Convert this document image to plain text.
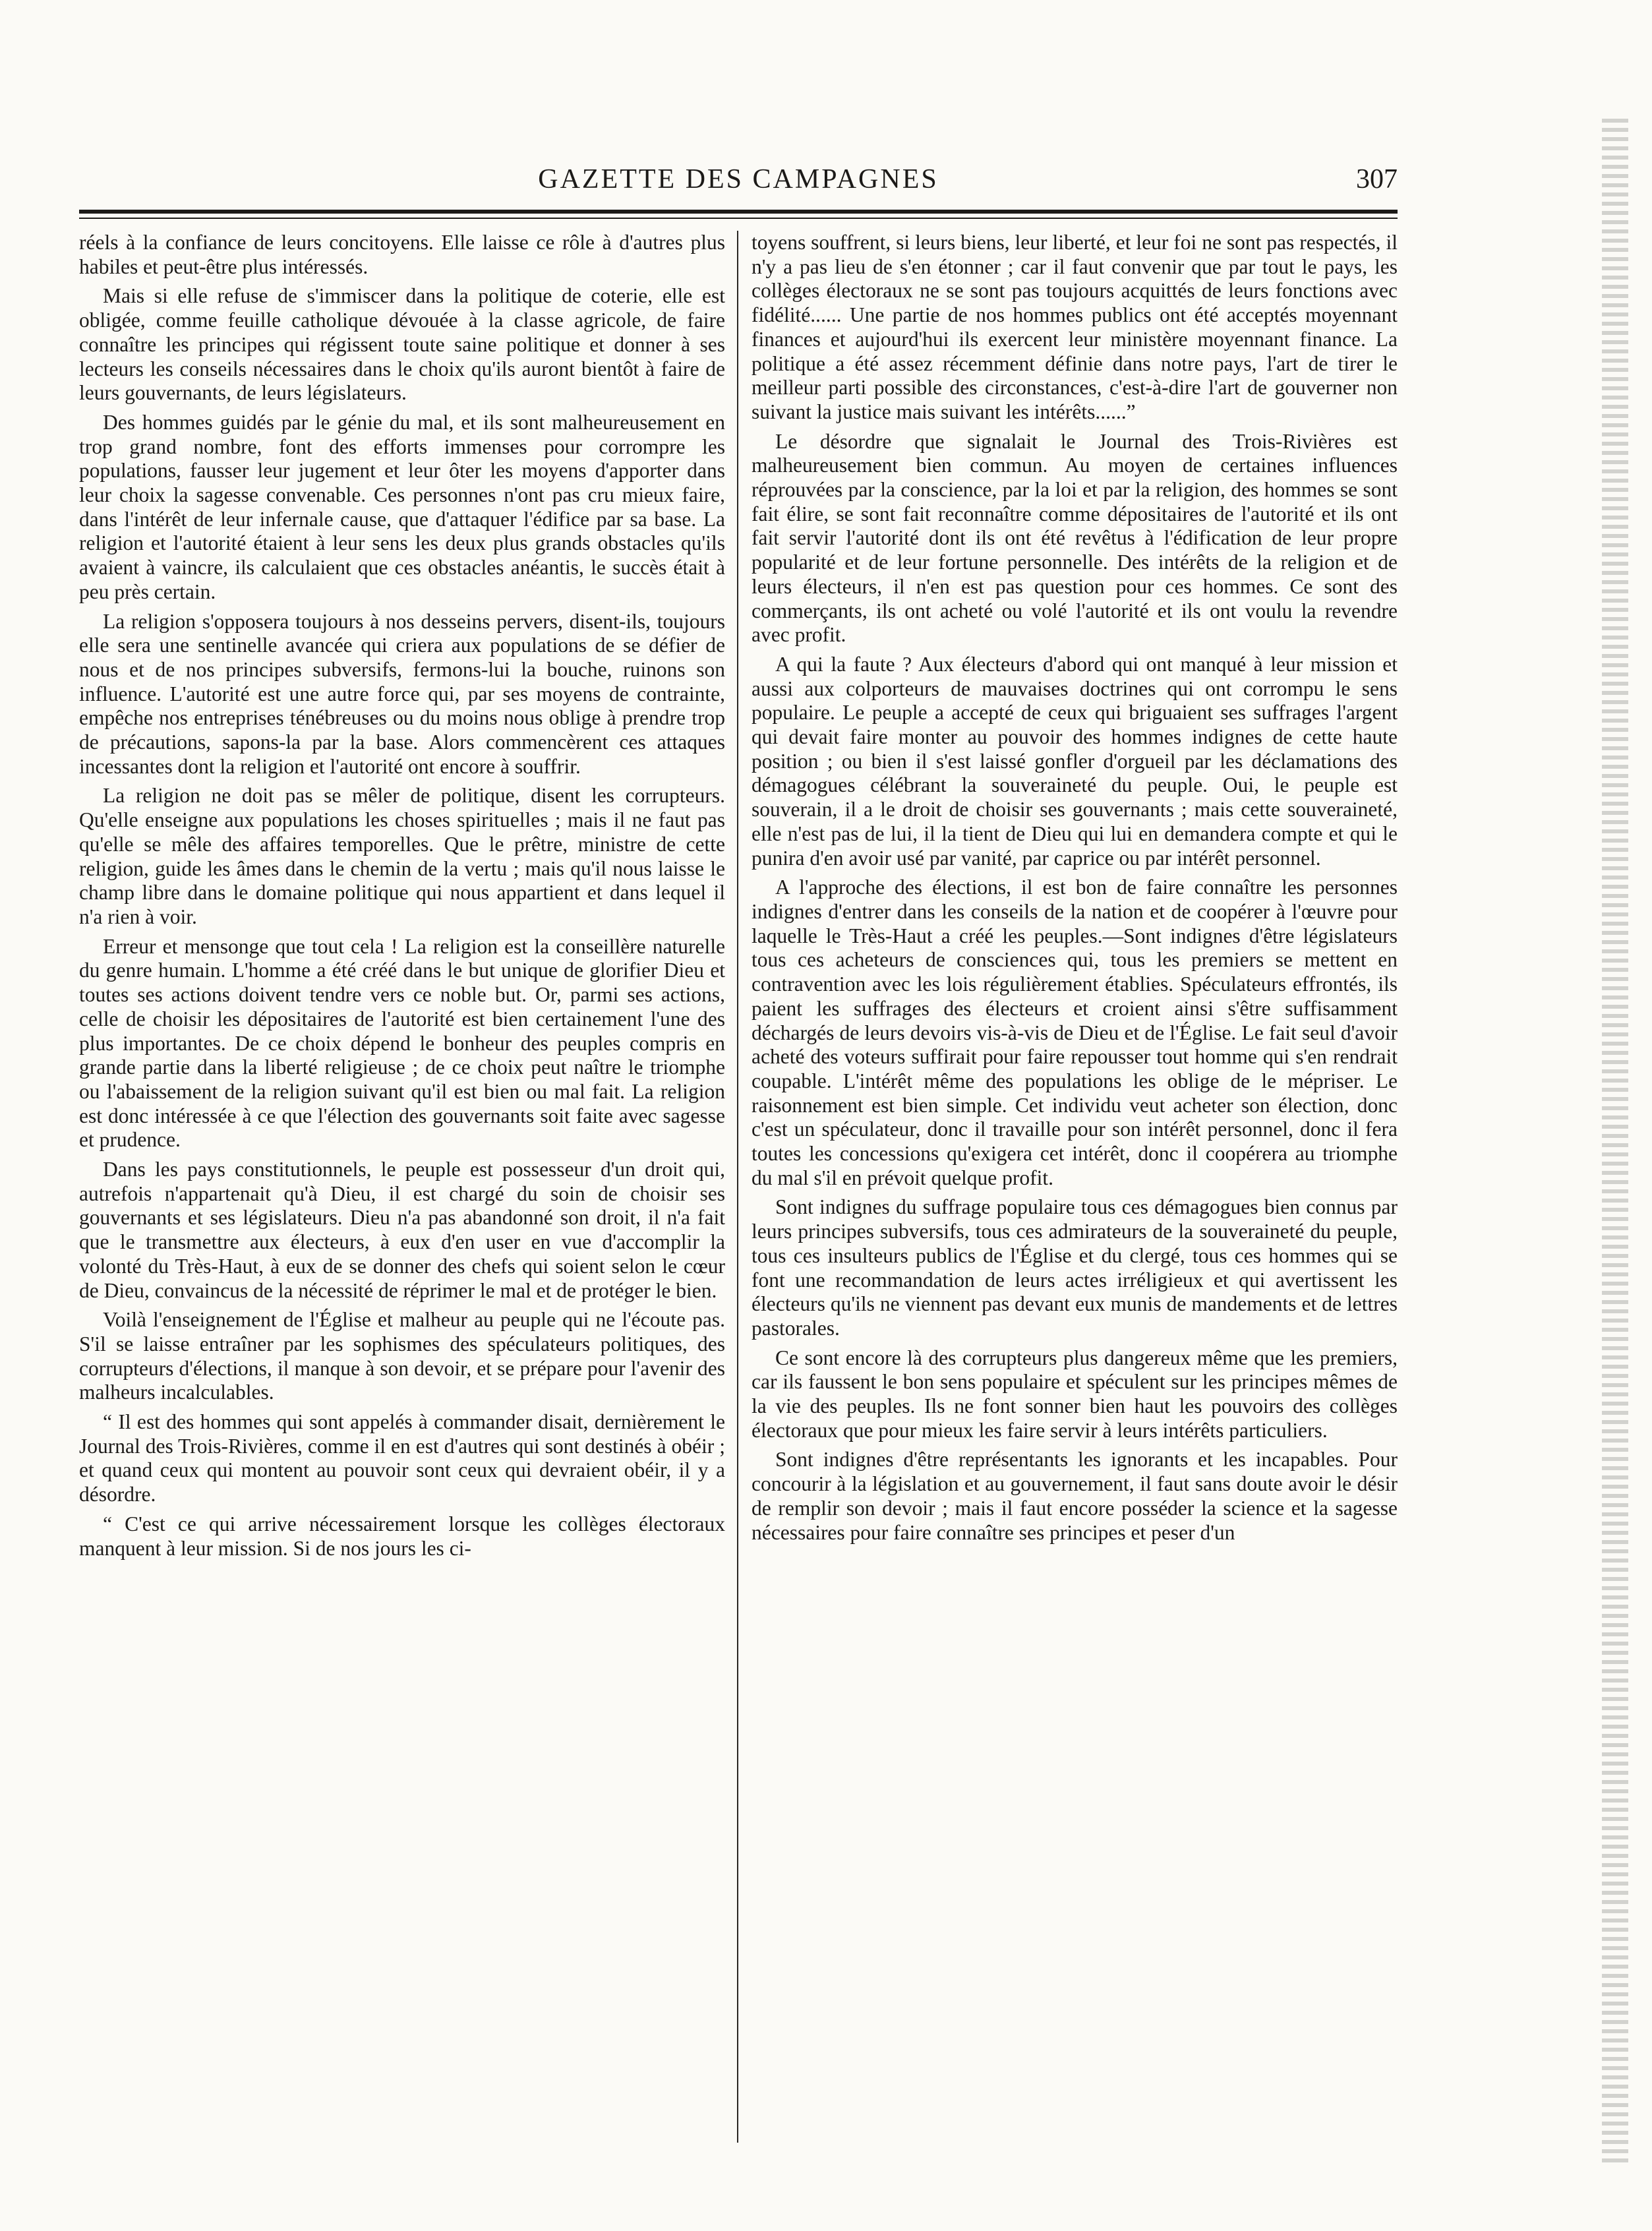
GAZETTE DES CAMPAGNES	307

réels à la confiance de leurs concitoyens. Elle laisse ce rôle à d'autres plus habiles et peut-être plus intéressés.

Mais si elle refuse de s'immiscer dans la politique de coterie, elle est obligée, comme feuille catholique dévouée à la classe agricole, de faire connaître les principes qui régissent toute saine politique et donner à ses lecteurs les conseils nécessaires dans le choix qu'ils auront bientôt à faire de leurs gouvernants, de leurs législateurs.

Des hommes guidés par le génie du mal, et ils sont malheureusement en trop grand nombre, font des efforts immenses pour corrompre les populations, fausser leur jugement et leur ôter les moyens d'apporter dans leur choix la sagesse convenable. Ces personnes n'ont pas cru mieux faire, dans l'intérêt de leur infernale cause, que d'attaquer l'édifice par sa base. La religion et l'autorité étaient à leur sens les deux plus grands obstacles qu'ils avaient à vaincre, ils calculaient que ces obstacles anéantis, le succès était à peu près certain.

La religion s'opposera toujours à nos desseins pervers, disent-ils, toujours elle sera une sentinelle avancée qui criera aux populations de se défier de nous et de nos principes subversifs, fermons-lui la bouche, ruinons son influence. L'autorité est une autre force qui, par ses moyens de contrainte, empêche nos entreprises ténébreuses ou du moins nous oblige à prendre trop de précautions, sapons-la par la base. Alors commencèrent ces attaques incessantes dont la religion et l'autorité ont encore à souffrir.

La religion ne doit pas se mêler de politique, disent les corrupteurs. Qu'elle enseigne aux populations les choses spirituelles ; mais il ne faut pas qu'elle se mêle des affaires temporelles. Que le prêtre, ministre de cette religion, guide les âmes dans le chemin de la vertu ; mais qu'il nous laisse le champ libre dans le domaine politique qui nous appartient et dans lequel il n'a rien à voir.

Erreur et mensonge que tout cela ! La religion est la conseillère naturelle du genre humain. L'homme a été créé dans le but unique de glorifier Dieu et toutes ses actions doivent tendre vers ce noble but. Or, parmi ses actions, celle de choisir les dépositaires de l'autorité est bien certainement l'une des plus importantes. De ce choix dépend le bonheur des peuples compris en grande partie dans la liberté religieuse ; de ce choix peut naître le triomphe ou l'abaissement de la religion suivant qu'il est bien ou mal fait. La religion est donc intéressée à ce que l'élection des gouvernants soit faite avec sagesse et prudence.

Dans les pays constitutionnels, le peuple est possesseur d'un droit qui, autrefois n'appartenait qu'à Dieu, il est chargé du soin de choisir ses gouvernants et ses législateurs. Dieu n'a pas abandonné son droit, il n'a fait que le transmettre aux électeurs, à eux d'en user en vue d'accomplir la volonté du Très-Haut, à eux de se donner des chefs qui soient selon le cœur de Dieu, convaincus de la nécessité de réprimer le mal et de protéger le bien.

Voilà l'enseignement de l'Église et malheur au peuple qui ne l'écoute pas. S'il se laisse entraîner par les sophismes des spéculateurs politiques, des corrupteurs d'élections, il manque à son devoir, et se prépare pour l'avenir des malheurs incalculables.

“ Il est des hommes qui sont appelés à commander disait, dernièrement le Journal des Trois-Rivières, comme il en est d'autres qui sont destinés à obéir ; et quand ceux qui montent au pouvoir sont ceux qui devraient obéir, il y a désordre.

“ C'est ce qui arrive nécessairement lorsque les collèges électoraux manquent à leur mission. Si de nos jours les ci-

toyens souffrent, si leurs biens, leur liberté, et leur foi ne sont pas respectés, il n'y a pas lieu de s'en étonner ; car il faut convenir que par tout le pays, les collèges électoraux ne se sont pas toujours acquittés de leurs fonctions avec fidélité...... Une partie de nos hommes publics ont été acceptés moyennant finances et aujourd'hui ils exercent leur ministère moyennant finance. La politique a été assez récemment définie dans notre pays, l'art de tirer le meilleur parti possible des circonstances, c'est-à-dire l'art de gouverner non suivant la justice mais suivant les intérêts......”

Le désordre que signalait le Journal des Trois-Rivières est malheureusement bien commun. Au moyen de certaines influences réprouvées par la conscience, par la loi et par la religion, des hommes se sont fait élire, se sont fait reconnaître comme dépositaires de l'autorité et ils ont fait servir l'autorité dont ils ont été revêtus à l'édification de leur propre popularité et de leur fortune personnelle. Des intérêts de la religion et de leurs électeurs, il n'en est pas question pour ces hommes. Ce sont des commerçants, ils ont acheté ou volé l'autorité et ils ont voulu la revendre avec profit.

A qui la faute ? Aux électeurs d'abord qui ont manqué à leur mission et aussi aux colporteurs de mauvaises doctrines qui ont corrompu le sens populaire. Le peuple a accepté de ceux qui briguaient ses suffrages l'argent qui devait faire monter au pouvoir des hommes indignes de cette haute position ; ou bien il s'est laissé gonfler d'orgueil par les déclamations des démagogues célébrant la souveraineté du peuple. Oui, le peuple est souverain, il a le droit de choisir ses gouvernants ; mais cette souveraineté, elle n'est pas de lui, il la tient de Dieu qui lui en demandera compte et qui le punira d'en avoir usé par vanité, par caprice ou par intérêt personnel.

A l'approche des élections, il est bon de faire connaître les personnes indignes d'entrer dans les conseils de la nation et de coopérer à l'œuvre pour laquelle le Très-Haut a créé les peuples.—Sont indignes d'être législateurs tous ces acheteurs de consciences qui, tous les premiers se mettent en contravention avec les lois régulièrement établies. Spéculateurs effrontés, ils paient les suffrages des électeurs et croient ainsi s'être suffisamment déchargés de leurs devoirs vis-à-vis de Dieu et de l'Église. Le fait seul d'avoir acheté des voteurs suffirait pour faire repousser tout homme qui s'en rendrait coupable. L'intérêt même des populations les oblige de le mépriser. Le raisonnement est bien simple. Cet individu veut acheter son élection, donc c'est un spéculateur, donc il travaille pour son intérêt personnel, donc il fera toutes les concessions qu'exigera cet intérêt, donc il coopérera au triomphe du mal s'il en prévoit quelque profit.

Sont indignes du suffrage populaire tous ces démagogues bien connus par leurs principes subversifs, tous ces admirateurs de la souveraineté du peuple, tous ces insulteurs publics de l'Église et du clergé, tous ces hommes qui se font une recommandation de leurs actes irréligieux et qui avertissent les électeurs qu'ils ne viennent pas devant eux munis de mandements et de lettres pastorales.

Ce sont encore là des corrupteurs plus dangereux même que les premiers, car ils faussent le bon sens populaire et spéculent sur les principes mêmes de la vie des peuples. Ils ne font sonner bien haut les pouvoirs des collèges électoraux que pour mieux les faire servir à leurs intérêts particuliers.

Sont indignes d'être représentants les ignorants et les incapables. Pour concourir à la législation et au gouvernement, il faut sans doute avoir le désir de remplir son devoir ; mais il faut encore posséder la science et la sagesse nécessaires pour faire connaître ses principes et peser d'un
